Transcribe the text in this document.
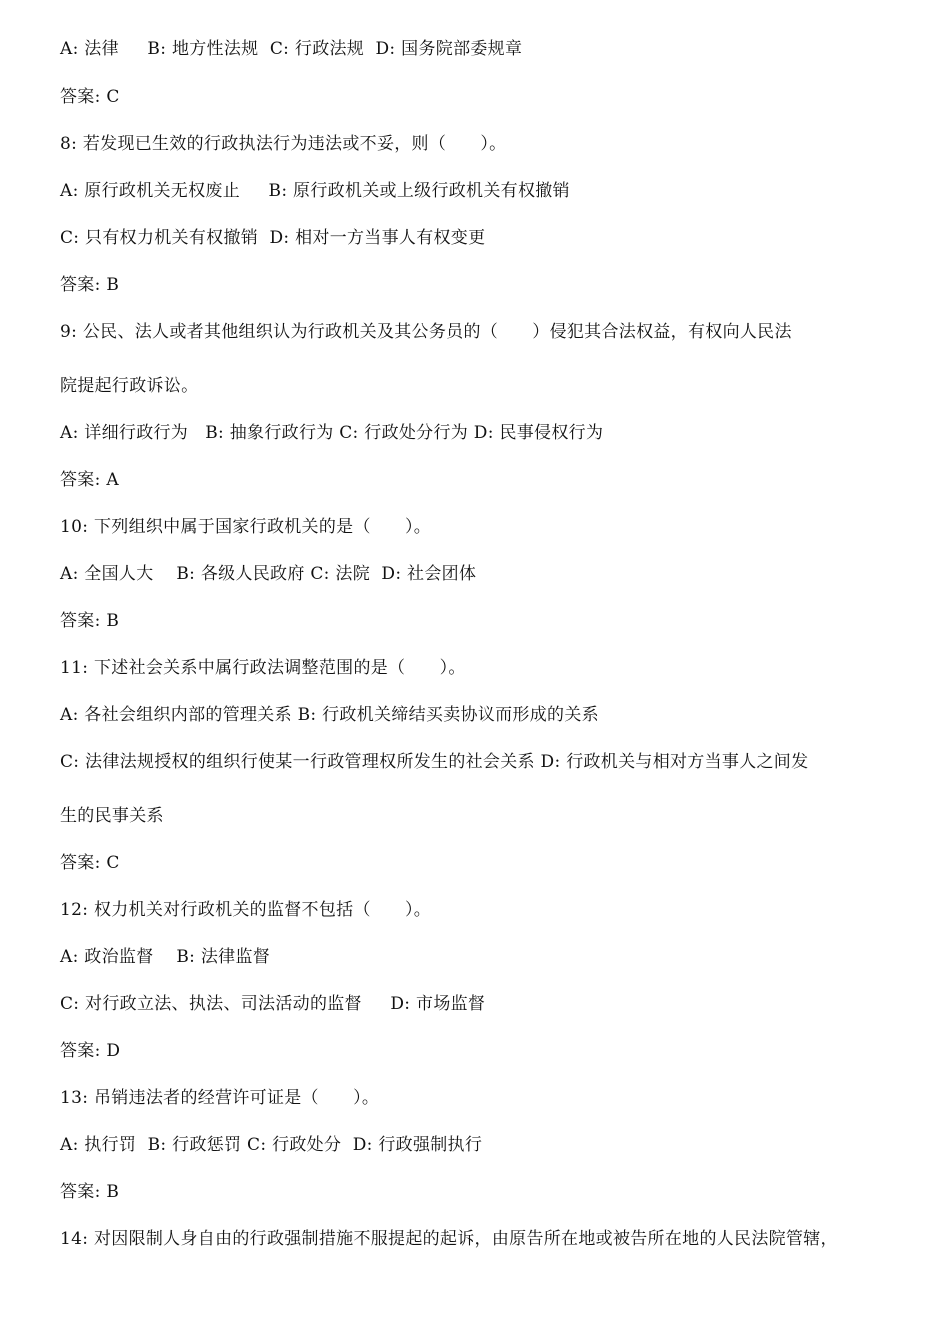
A: 法律     B: 地方性法规  C: 行政法规  D: 国务院部委规章
答案: C
8: 若发现已生效的行政执法行为违法或不妥，则（      ）。
A: 原行政机关无权废止     B: 原行政机关或上级行政机关有权撤销
C: 只有权力机关有权撤销  D: 相对一方当事人有权变更
答案: B
9: 公民、法人或者其他组织认为行政机关及其公务员的（      ）侵犯其合法权益，有权向人民法
院提起行政诉讼。
A: 详细行政行为   B: 抽象行政行为 C: 行政处分行为 D: 民事侵权行为
答案: A
10: 下列组织中属于国家行政机关的是（      ）。
A: 全国人大    B: 各级人民政府 C: 法院  D: 社会团体
答案: B
11: 下述社会关系中属行政法调整范围的是（      ）。
A: 各社会组织内部的管理关系 B: 行政机关缔结买卖协议而形成的关系
C: 法律法规授权的组织行使某一行政管理权所发生的社会关系 D: 行政机关与相对方当事人之间发
生的民事关系
答案: C
12: 权力机关对行政机关的监督不包括（      ）。
A: 政治监督    B: 法律监督
C: 对行政立法、执法、司法活动的监督     D: 市场监督
答案: D
13: 吊销违法者的经营许可证是（      ）。
A: 执行罚  B: 行政惩罚 C: 行政处分  D: 行政强制执行
答案: B
14: 对因限制人身自由的行政强制措施不服提起的起诉，由原告所在地或被告所在地的人民法院管辖，
